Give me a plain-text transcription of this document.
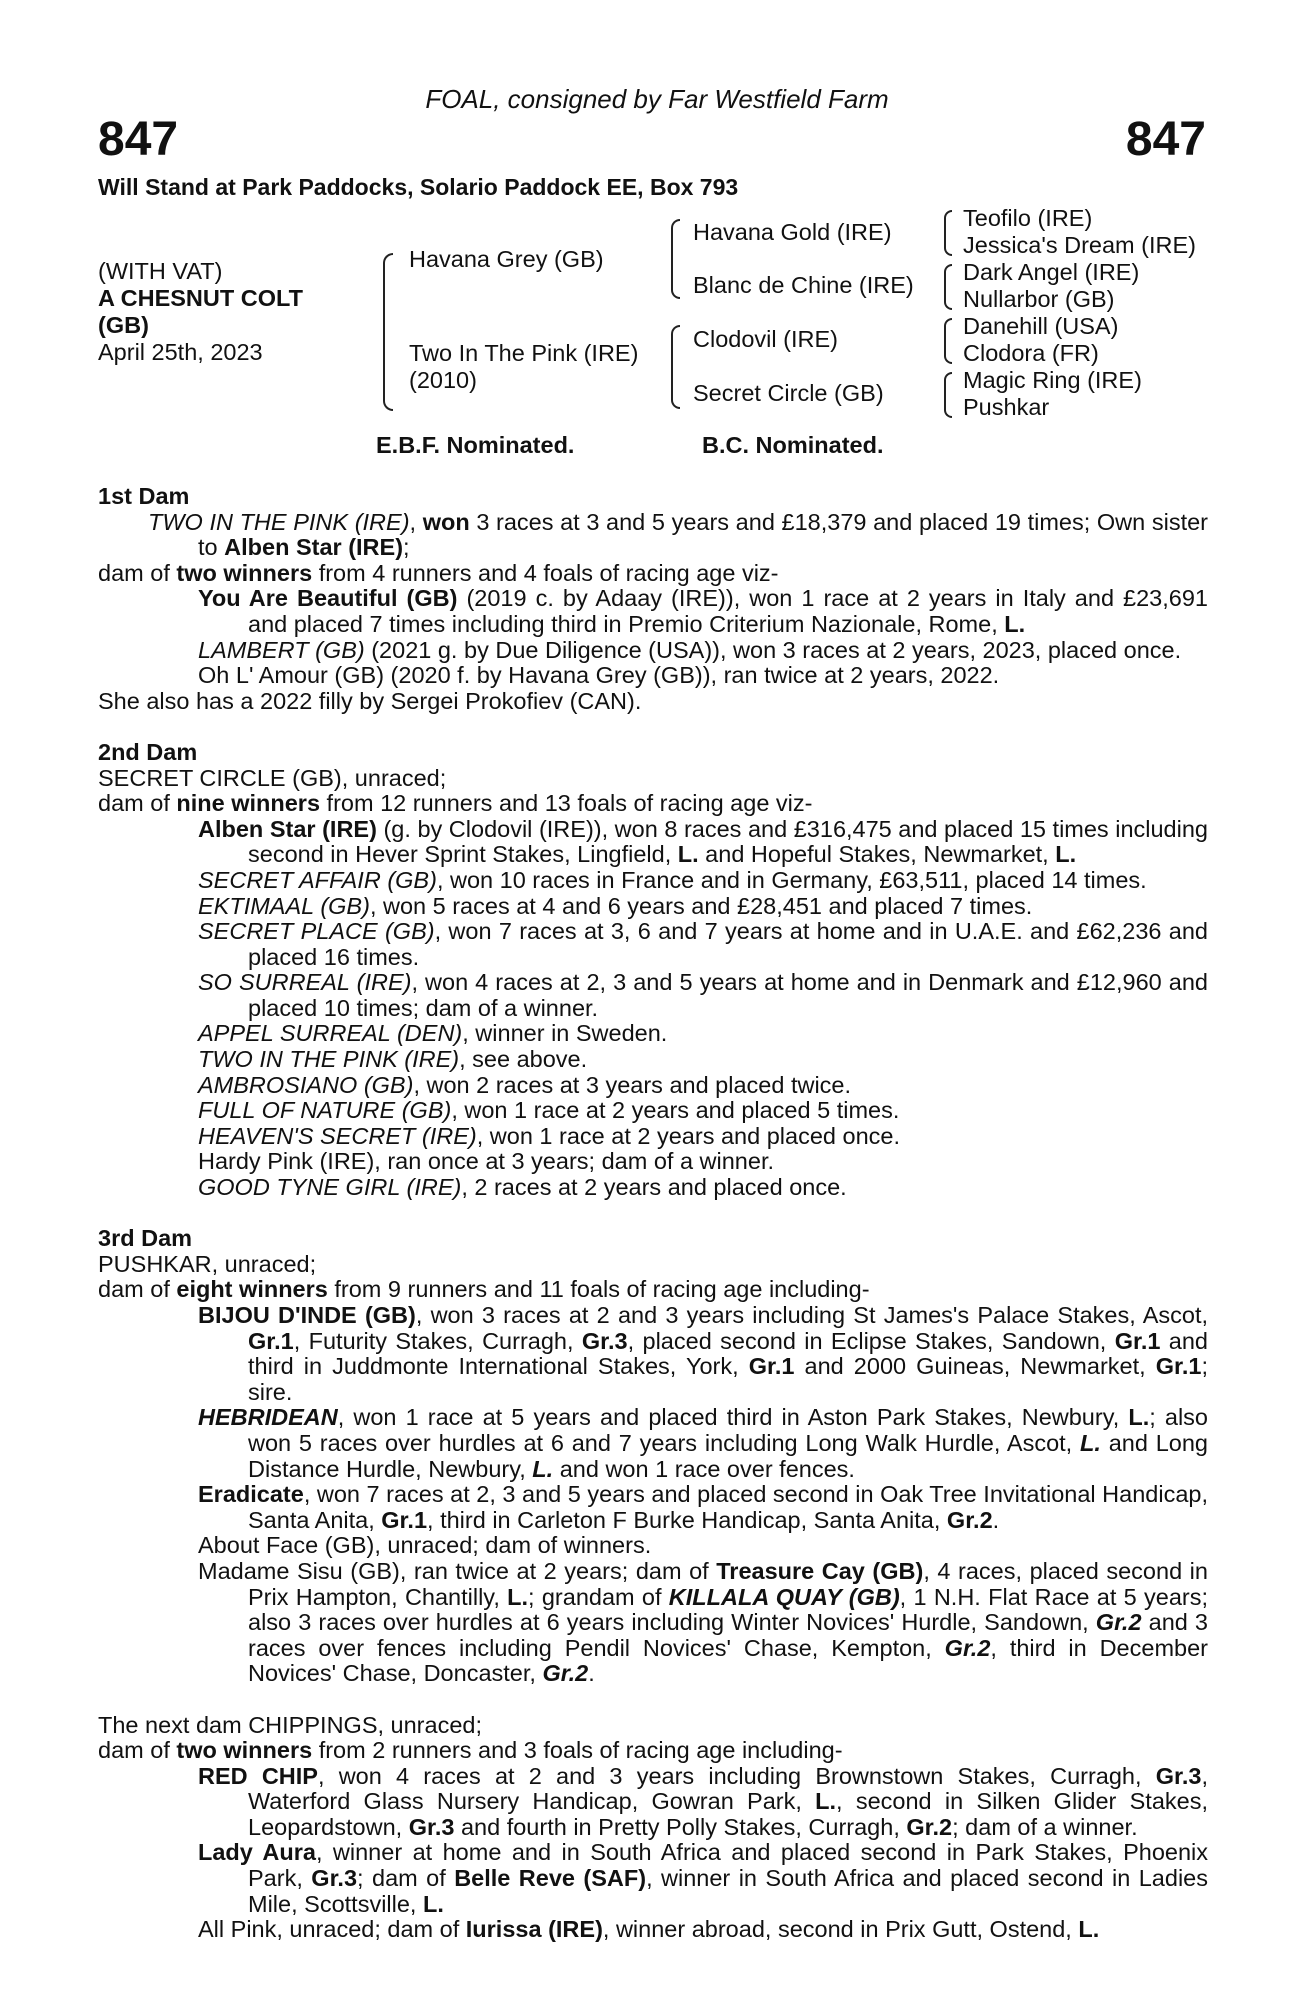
FOAL, consigned by Far Westfield Farm
847	847
Will Stand at Park Paddocks, Solario Paddock EE, Box 793
(WITH VAT)
A CHESNUT COLT
(GB)
April 25th, 2023
Havana Grey (GB)
Two In The Pink (IRE)
(2010)
Havana Gold (IRE)
Blanc de Chine (IRE)
Clodovil (IRE)
Secret Circle (GB)
Teofilo (IRE)
Jessica's Dream (IRE)
Dark Angel (IRE)
Nullarbor (GB)
Danehill (USA)
Clodora (FR)
Magic Ring (IRE)
Pushkar
E.B.F. Nominated.	B.C. Nominated.

1st Dam

TWO IN THE PINK (IRE), won 3 races at 3 and 5 years and £18,379 and placed 19 times; Own sister to Alben Star (IRE);

dam of two winners from 4 runners and 4 foals of racing age viz-

You Are Beautiful (GB) (2019 c. by Adaay (IRE)), won 1 race at 2 years in Italy and £23,691 and placed 7 times including third in Premio Criterium Nazionale, Rome, L.

LAMBERT (GB) (2021 g. by Due Diligence (USA)), won 3 races at 2 years, 2023, placed once.

Oh L' Amour (GB) (2020 f. by Havana Grey (GB)), ran twice at 2 years, 2022.

She also has a 2022 filly by Sergei Prokofiev (CAN).

2nd Dam

SECRET CIRCLE (GB), unraced;

dam of nine winners from 12 runners and 13 foals of racing age viz-

Alben Star (IRE) (g. by Clodovil (IRE)), won 8 races and £316,475 and placed 15 times including second in Hever Sprint Stakes, Lingfield, L. and Hopeful Stakes, Newmarket, L.

SECRET AFFAIR (GB), won 10 races in France and in Germany, £63,511, placed 14 times.

EKTIMAAL (GB), won 5 races at 4 and 6 years and £28,451 and placed 7 times.

SECRET PLACE (GB), won 7 races at 3, 6 and 7 years at home and in U.A.E. and £62,236 and placed 16 times.

SO SURREAL (IRE), won 4 races at 2, 3 and 5 years at home and in Denmark and £12,960 and placed 10 times; dam of a winner.

APPEL SURREAL (DEN), winner in Sweden.

TWO IN THE PINK (IRE), see above.

AMBROSIANO (GB), won 2 races at 3 years and placed twice.

FULL OF NATURE (GB), won 1 race at 2 years and placed 5 times.

HEAVEN'S SECRET (IRE), won 1 race at 2 years and placed once.

Hardy Pink (IRE), ran once at 3 years; dam of a winner.

GOOD TYNE GIRL (IRE), 2 races at 2 years and placed once.

3rd Dam

PUSHKAR, unraced;

dam of eight winners from 9 runners and 11 foals of racing age including-

BIJOU D'INDE (GB), won 3 races at 2 and 3 years including St James's Palace Stakes, Ascot, Gr.1, Futurity Stakes, Curragh, Gr.3, placed second in Eclipse Stakes, Sandown, Gr.1 and third in Juddmonte International Stakes, York, Gr.1 and 2000 Guineas, Newmarket, Gr.1; sire.

HEBRIDEAN, won 1 race at 5 years and placed third in Aston Park Stakes, Newbury, L.; also won 5 races over hurdles at 6 and 7 years including Long Walk Hurdle, Ascot, L. and Long Distance Hurdle, Newbury, L. and won 1 race over fences.

Eradicate, won 7 races at 2, 3 and 5 years and placed second in Oak Tree Invitational Handicap, Santa Anita, Gr.1, third in Carleton F Burke Handicap, Santa Anita, Gr.2.

About Face (GB), unraced; dam of winners.

Madame Sisu (GB), ran twice at 2 years; dam of Treasure Cay (GB), 4 races, placed second in Prix Hampton, Chantilly, L.; grandam of KILLALA QUAY (GB), 1 N.H. Flat Race at 5 years; also 3 races over hurdles at 6 years including Winter Novices' Hurdle, Sandown, Gr.2 and 3 races over fences including Pendil Novices' Chase, Kempton, Gr.2, third in December Novices' Chase, Doncaster, Gr.2.

The next dam CHIPPINGS, unraced;

dam of two winners from 2 runners and 3 foals of racing age including-

RED CHIP, won 4 races at 2 and 3 years including Brownstown Stakes, Curragh, Gr.3, Waterford Glass Nursery Handicap, Gowran Park, L., second in Silken Glider Stakes, Leopardstown, Gr.3 and fourth in Pretty Polly Stakes, Curragh, Gr.2; dam of a winner.

Lady Aura, winner at home and in South Africa and placed second in Park Stakes, Phoenix Park, Gr.3; dam of Belle Reve (SAF), winner in South Africa and placed second in Ladies Mile, Scottsville, L.

All Pink, unraced; dam of Iurissa (IRE), winner abroad, second in Prix Gutt, Ostend, L.
